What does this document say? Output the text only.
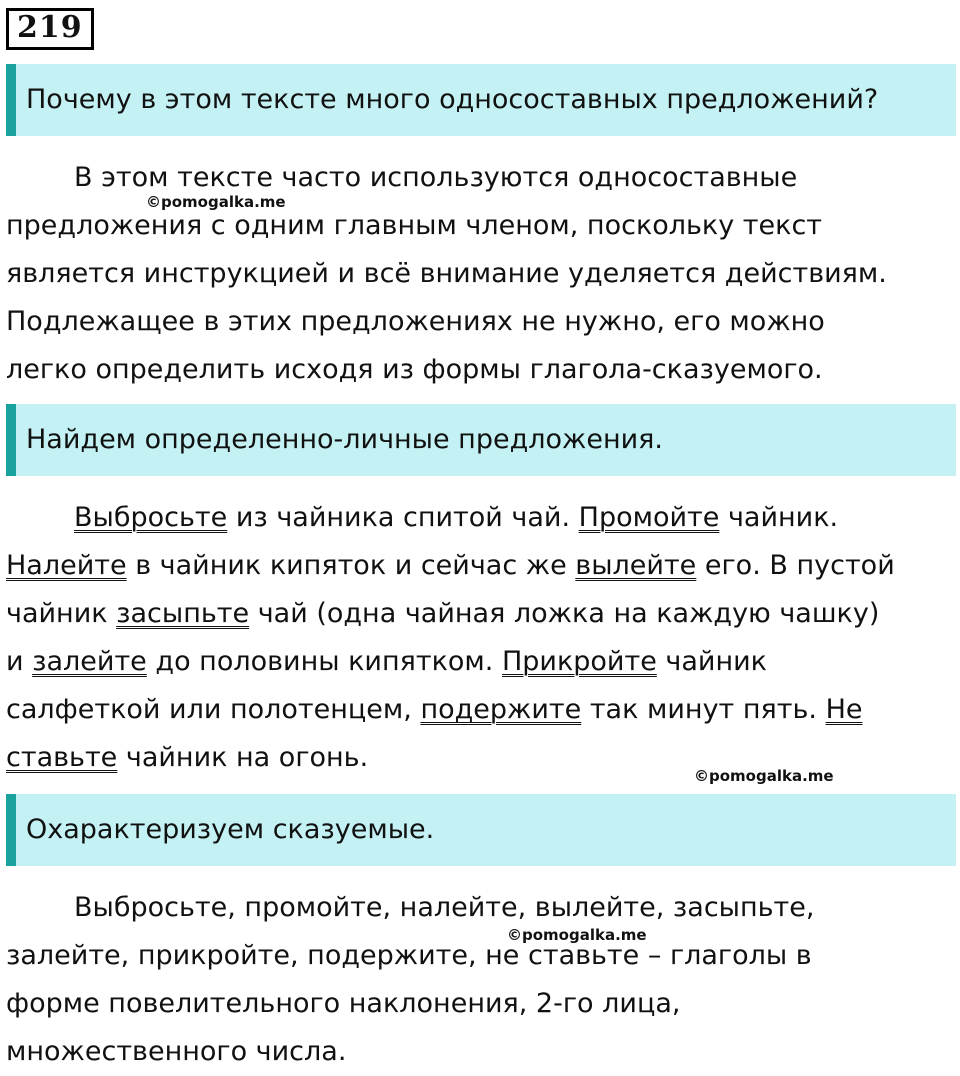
219
Почему в этом тексте много односоставных предложений?
В этом тексте часто используются односоставные
предложения с одним главным членом, поскольку текст
является инструкцией и всё внимание уделяется действиям.
Подлежащее в этих предложениях не нужно, его можно
легко определить исходя из формы глагола-сказуемого.
©pomogalka.me
Найдем определенно-личные предложения.
Выбросьте из чайника спитой чай. Промойте чайник.
Налейте в чайник кипяток и сейчас же вылейте его. В пустой
чайник засыпьте чай (одна чайная ложка на каждую чашку)
и залейте до половины кипятком. Прикройте чайник
салфеткой или полотенцем, подержите так минут пять. Не
ставьте чайник на огонь.
©pomogalka.me
Охарактеризуем сказуемые.
Выбросьте, промойте, налейте, вылейте, засыпьте,
залейте, прикройте, подержите, не ставьте – глаголы в
форме повелительного наклонения, 2-го лица,
множественного числа.
©pomogalka.me
